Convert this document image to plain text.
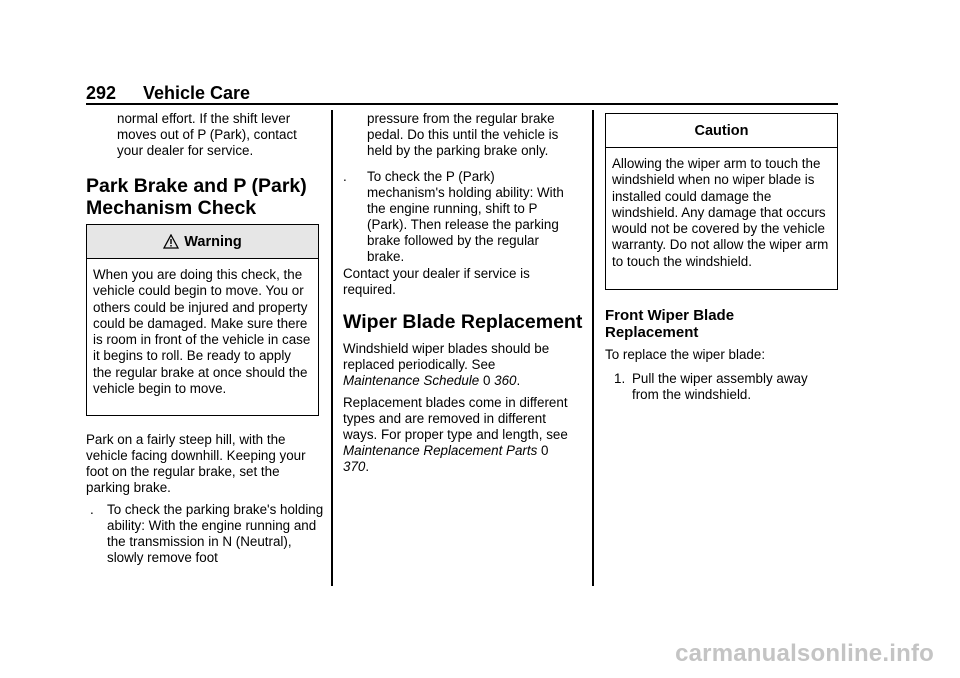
292 Vehicle Care

normal effort. If the shift lever moves out of P (Park), contact your dealer for service.

Park Brake and P (Park)
Mechanism Check
Warning
When you are doing this check, the vehicle could begin to move. You or others could be injured and property could be damaged. Make sure there is room in front of the vehicle in case it begins to roll. Be ready to apply the regular brake at once should the vehicle begin to move.

Park on a fairly steep hill, with the vehicle facing downhill. Keeping your foot on the regular brake, set the parking brake.

. To check the parking brake's holding ability: With the engine running and the transmission in N (Neutral), slowly remove foot

pressure from the regular brake pedal. Do this until the vehicle is held by the parking brake only.

. To check the P (Park) mechanism's holding ability: With the engine running, shift to P (Park). Then release the parking brake followed by the regular brake.

Contact your dealer if service is required.

Wiper Blade Replacement

Windshield wiper blades should be replaced periodically. See Maintenance Schedule 0 360.

Replacement blades come in different types and are removed in different ways. For proper type and length, see Maintenance Replacement Parts 0 370.

Caution
Allowing the wiper arm to touch the windshield when no wiper blade is installed could damage the windshield. Any damage that occurs would not be covered by the vehicle warranty. Do not allow the wiper arm to touch the windshield.
Front Wiper Blade
Replacement

To replace the wiper blade:

1. Pull the wiper assembly away from the windshield.

carmanualsonline.info
